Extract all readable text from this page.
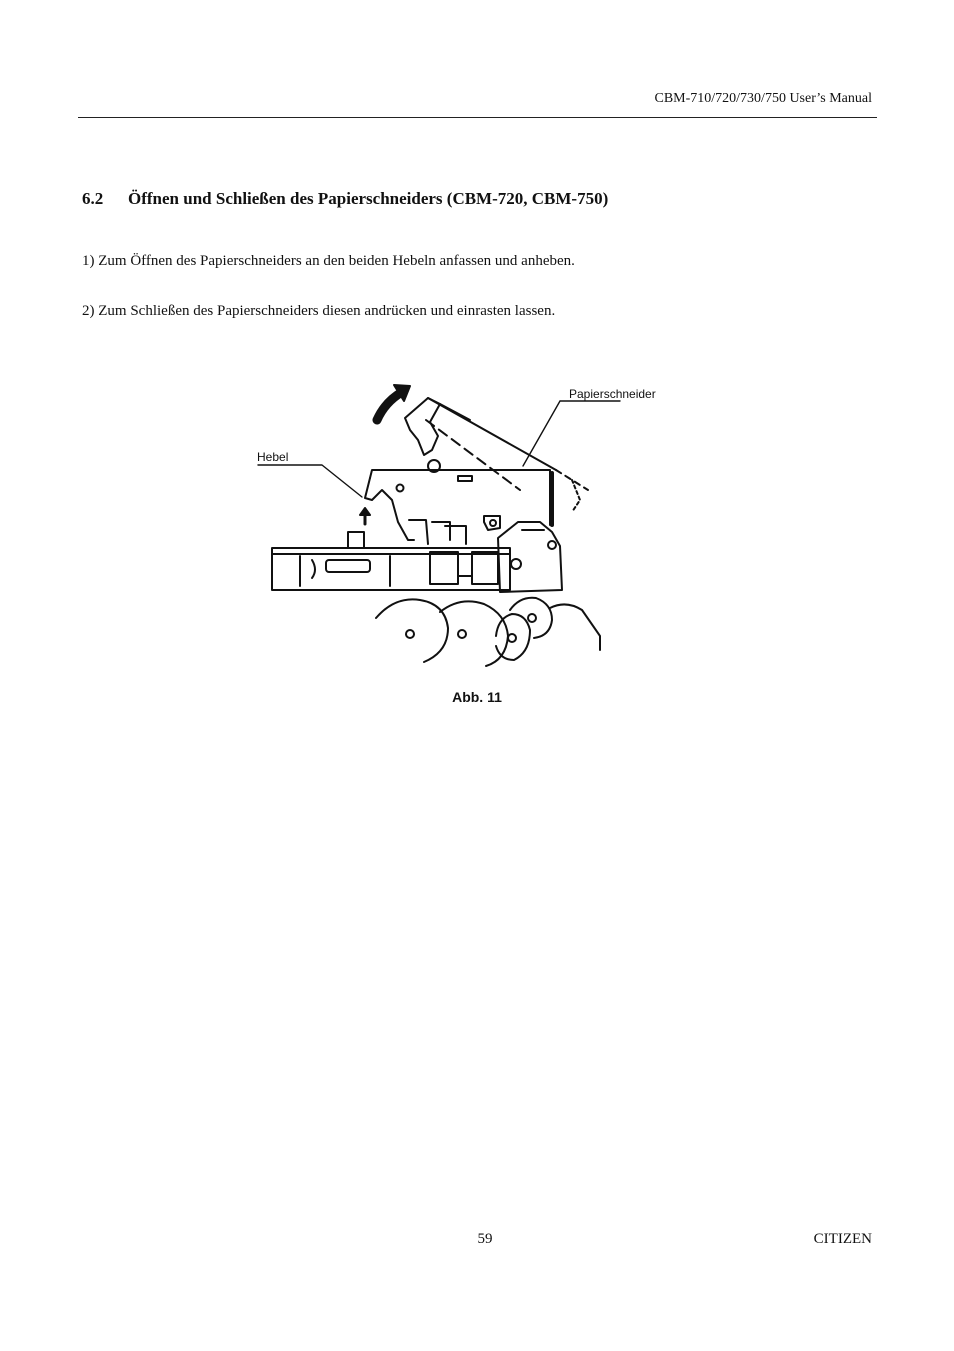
CBM-710/720/730/750 User’s Manual
6.2 Öffnen und Schließen des Papierschneiders (CBM-720, CBM-750)
1) Zum Öffnen des Papierschneiders an den beiden Hebeln anfassen und anheben.
2) Zum Schließen des Papierschneiders diesen andrücken und einrasten lassen.
Papierschneider
Hebel
Abb. 11
59	CITIZEN
